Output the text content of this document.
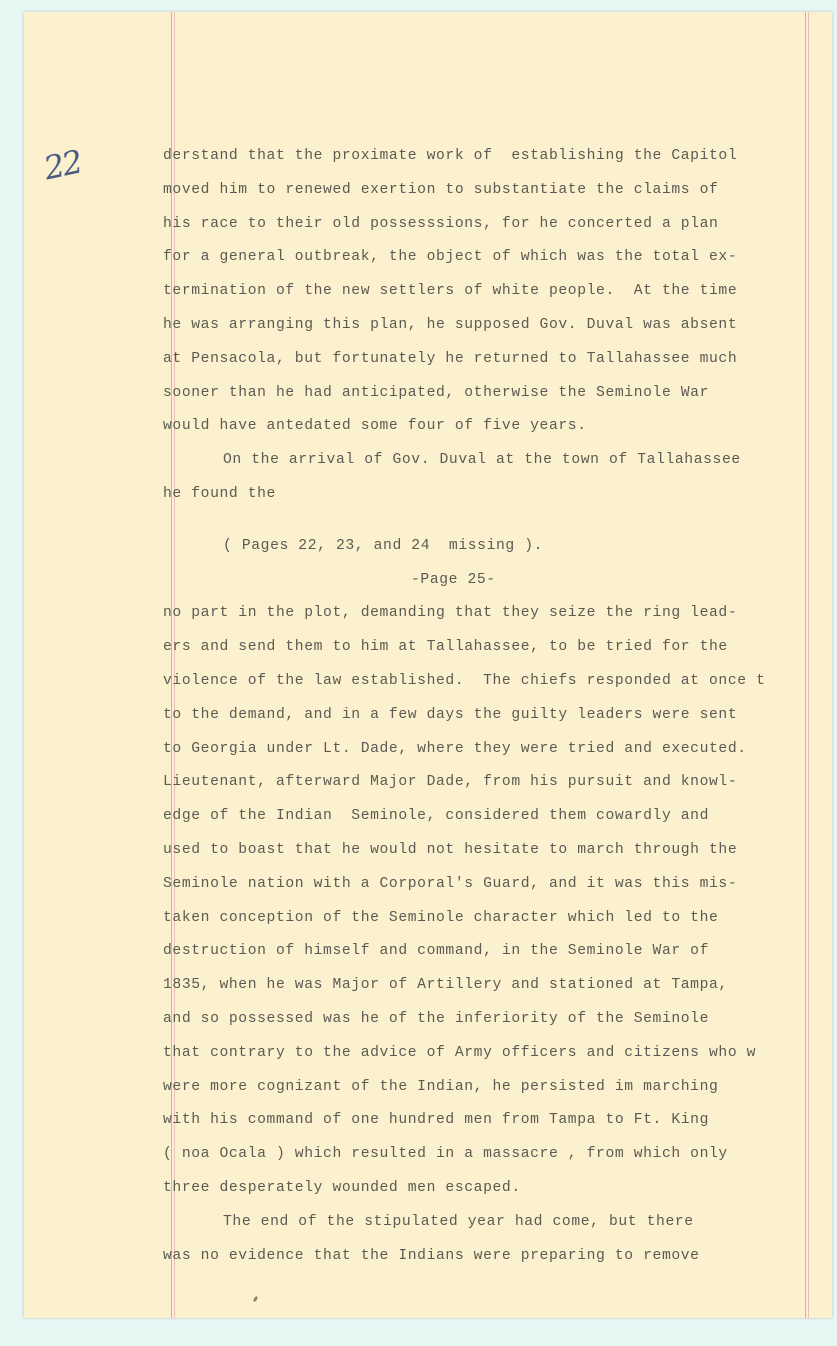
22	derstand that the proximate work of  establishing the Capitol
moved him to renewed exertion to substantiate the claims of
his race to their old possesssions, for he concerted a plan
for a general outbreak, the object of which was the total ex-
termination of the new settlers of white people.  At the time
he was arranging this plan, he supposed Gov. Duval was absent
at Pensacola, but fortunately he returned to Tallahassee much
sooner than he had anticipated, otherwise the Seminole War
would have antedated some four of five years.
On the arrival of Gov. Duval at the town of Tallahassee
he found the
( Pages 22, 23, and 24  missing ).
-Page 25-
no part in the plot, demanding that they seize the ring lead-
ers and send them to him at Tallahassee, to be tried for the
violence of the law established.  The chiefs responded at once t
to the demand, and in a few days the guilty leaders were sent
to Georgia under Lt. Dade, where they were tried and executed.
Lieutenant, afterward Major Dade, from his pursuit and knowl-
edge of the Indian  Seminole, considered them cowardly and
used to boast that he would not hesitate to march through the
Seminole nation with a Corporal's Guard, and it was this mis-
taken conception of the Seminole character which led to the
destruction of himself and command, in the Seminole War of
1835, when he was Major of Artillery and stationed at Tampa,
and so possessed was he of the inferiority of the Seminole
that contrary to the advice of Army officers and citizens who w
were more cognizant of the Indian, he persisted im marching
with his command of one hundred men from Tampa to Ft. King
( noa Ocala ) which resulted in a massacre , from which only
three desperately wounded men escaped.
The end of the stipulated year had come, but there
was no evidence that the Indians were preparing to remove
